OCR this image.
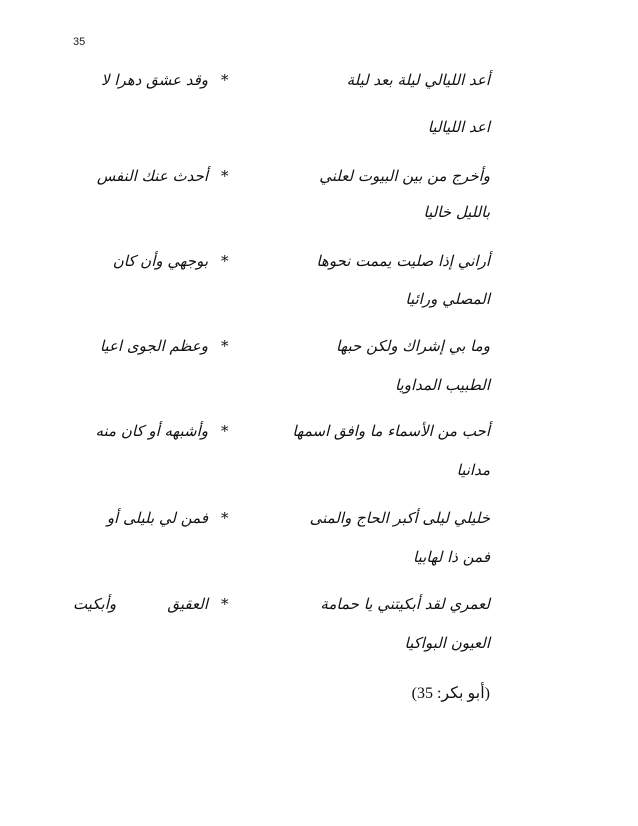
35
أعد الليالي ليلة بعد ليلة
*
وقد عشق دهرا لا
اعد اللياليا
وأخرج من بين البيوت لعلني
*
أحدث عنك النفس
بالليل خاليا
أراني إذا صليت يممت نحوها
*
بوجهي وأن كان
المصلي ورائيا
وما بي إشراك ولكن حبها
*
وعظم الجوى اعيا
الطبيب المداويا
أحب من الأسماء ما وافق اسمها
*
وأشبهه أو كان منه
مدانيا
خليلي ليلى أكبر الحاج والمنى
*
فمن لي بليلى أو
فمن ذا لهابيا
لعمري لقد أبكيتني يا حمامة
*
العقيق
وأبكيت
العيون البواكيا
(أبو بكر: 35)
